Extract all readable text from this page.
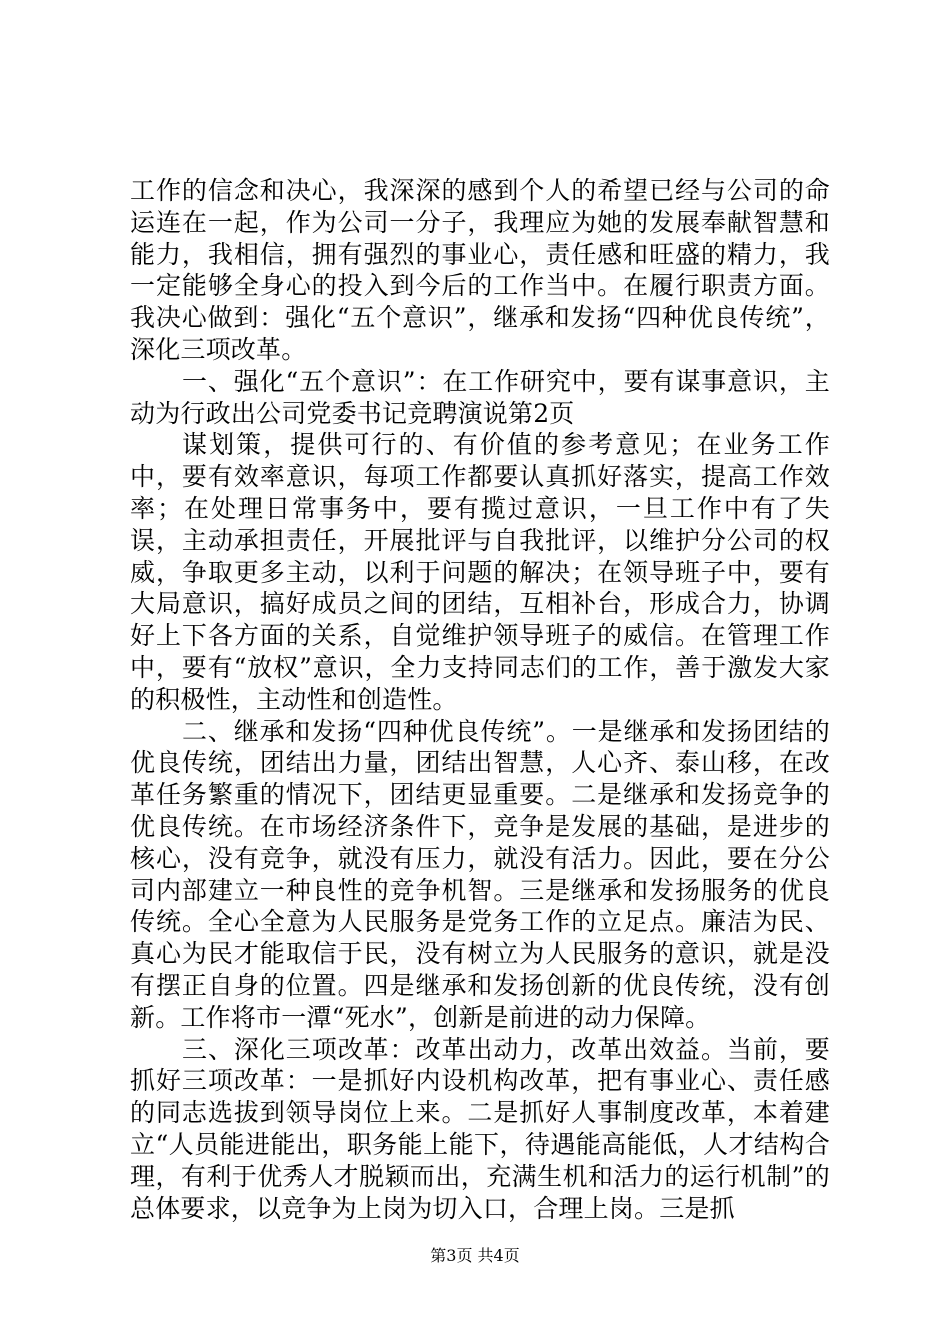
工作的信念和决心，我深深的感到个人的希望已经与公司的命运连在一起，作为公司一分子，我理应为她的发展奉献智慧和能力，我相信，拥有强烈的事业心，责任感和旺盛的精力，我一定能够全身心的投入到今后的工作当中。在履行职责方面。我决心做到：强化“五个意识”，继承和发扬“四种优良传统”，深化三项改革。

一、强化“五个意识”：在工作研究中，要有谋事意识，主动为行政出公司党委书记竞聘演说第2页

谋划策，提供可行的、有价值的参考意见；在业务工作中，要有效率意识，每项工作都要认真抓好落实，提高工作效率；在处理日常事务中，要有揽过意识，一旦工作中有了失误，主动承担责任，开展批评与自我批评，以维护分公司的权威，争取更多主动，以利于问题的解决；在领导班子中，要有大局意识，搞好成员之间的团结，互相补台，形成合力，协调好上下各方面的关系，自觉维护领导班子的威信。在管理工作中，要有“放权”意识，全力支持同志们的工作，善于激发大家的积极性，主动性和创造性。

二、继承和发扬“四种优良传统”。一是继承和发扬团结的优良传统，团结出力量，团结出智慧，人心齐、泰山移，在改革任务繁重的情况下，团结更显重要。二是继承和发扬竞争的优良传统。在市场经济条件下，竞争是发展的基础，是进步的核心，没有竞争，就没有压力，就没有活力。因此，要在分公司内部建立一种良性的竞争机智。三是继承和发扬服务的优良传统。全心全意为人民服务是党务工作的立足点。廉洁为民、真心为民才能取信于民，没有树立为人民服务的意识，就是没有摆正自身的位置。四是继承和发扬创新的优良传统，没有创新。工作将市一潭“死水”，创新是前进的动力保障。

三、深化三项改革：改革出动力，改革出效益。当前，要抓好三项改革：一是抓好内设机构改革，把有事业心、责任感的同志选拔到领导岗位上来。二是抓好人事制度改革，本着建立“人员能进能出，职务能上能下，待遇能高能低，人才结构合理，有利于优秀人才脱颖而出，充满生机和活力的运行机制”的总体要求，以竞争为上岗为切入口，合理上岗。三是抓

第3页 共4页
